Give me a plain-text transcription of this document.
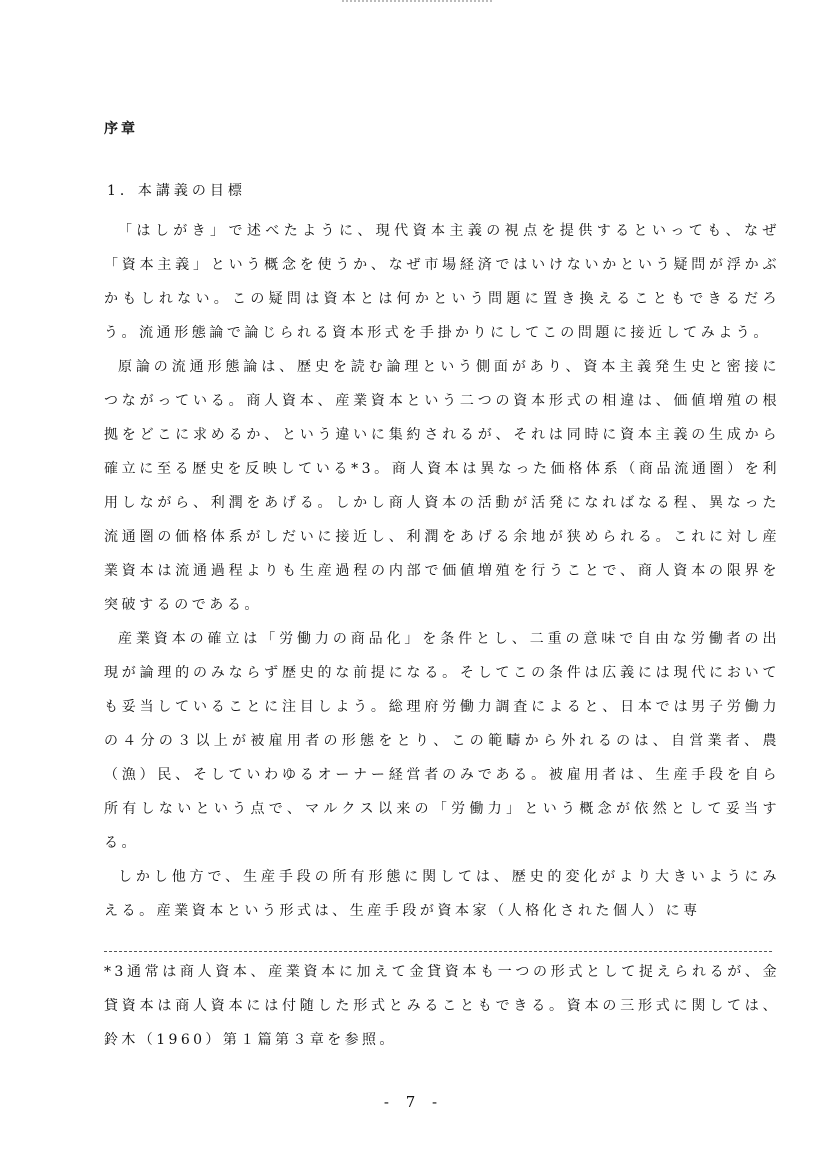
序章
1．本講義の目標

「はしがき」で述べたように、現代資本主義の視点を提供するといっても、なぜ「資本主義」という概念を使うか、なぜ市場経済ではいけないかという疑問が浮かぶかもしれない。この疑問は資本とは何かという問題に置き換えることもできるだろう。流通形態論で論じられる資本形式を手掛かりにしてこの問題に接近してみよう。

原論の流通形態論は、歴史を読む論理という側面があり、資本主義発生史と密接につながっている。商人資本、産業資本という二つの資本形式の相違は、価値増殖の根拠をどこに求めるか、という違いに集約されるが、それは同時に資本主義の生成から確立に至る歴史を反映している*3。商人資本は異なった価格体系（商品流通圏）を利用しながら、利潤をあげる。しかし商人資本の活動が活発になればなる程、異なった流通圏の価格体系がしだいに接近し、利潤をあげる余地が狭められる。これに対し産業資本は流通過程よりも生産過程の内部で価値増殖を行うことで、商人資本の限界を突破するのである。

産業資本の確立は「労働力の商品化」を条件とし、二重の意味で自由な労働者の出現が論理的のみならず歴史的な前提になる。そしてこの条件は広義には現代においても妥当していることに注目しよう。総理府労働力調査によると、日本では男子労働力の４分の３以上が被雇用者の形態をとり、この範疇から外れるのは、自営業者、農（漁）民、そしていわゆるオーナー経営者のみである。被雇用者は、生産手段を自ら所有しないという点で、マルクス以来の「労働力」という概念が依然として妥当する。

しかし他方で、生産手段の所有形態に関しては、歴史的変化がより大きいようにみえる。産業資本という形式は、生産手段が資本家（人格化された個人）に専

*3通常は商人資本、産業資本に加えて金貸資本も一つの形式として捉えられるが、金貸資本は商人資本には付随した形式とみることもできる。資本の三形式に関しては、鈴木（1960）第１篇第３章を参照。
- 7 -
